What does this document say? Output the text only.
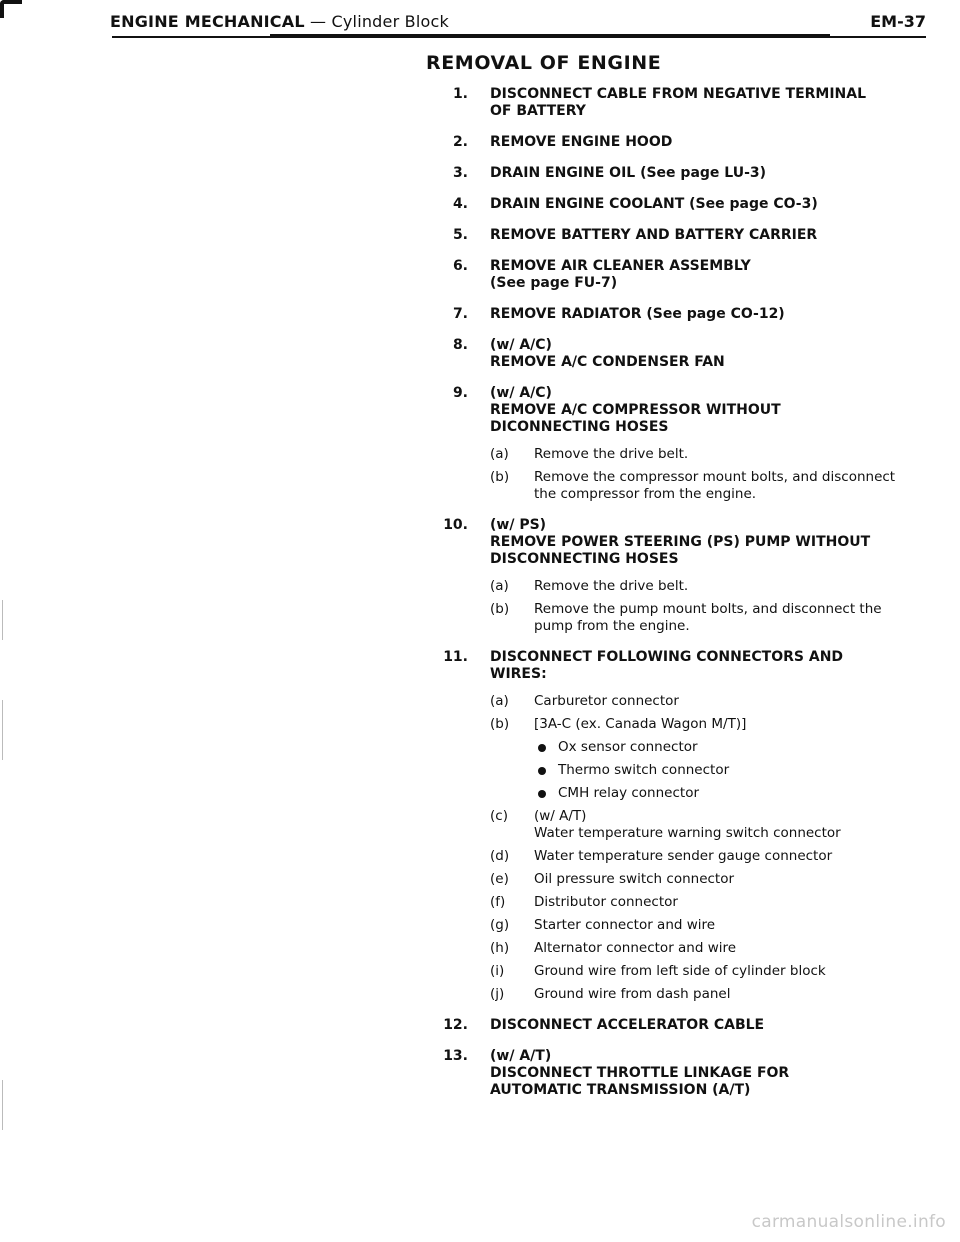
ENGINE MECHANICAL — Cylinder Block	EM-37
REMOVAL OF ENGINE
1. DISCONNECT CABLE FROM NEGATIVE TERMINAL
OF BATTERY
2. REMOVE ENGINE HOOD
3. DRAIN ENGINE OIL (See page LU-3)
4. DRAIN ENGINE COOLANT (See page CO-3)
5. REMOVE BATTERY AND BATTERY CARRIER
6. REMOVE AIR CLEANER ASSEMBLY
(See page FU-7)
7. REMOVE RADIATOR (See page CO-12)
8. (w/ A/C)
REMOVE A/C CONDENSER FAN
9. (w/ A/C)
REMOVE A/C COMPRESSOR WITHOUT
DICONNECTING HOSES
(a) Remove the drive belt.
(b) Remove the compressor mount bolts, and disconnect
the compressor from the engine.
10. (w/ PS)
REMOVE POWER STEERING (PS) PUMP WITHOUT
DISCONNECTING HOSES
(a) Remove the drive belt.
(b) Remove the pump mount bolts, and disconnect the
pump from the engine.
11. DISCONNECT FOLLOWING CONNECTORS AND
WIRES:
(a) Carburetor connector
(b) [3A-C (ex. Canada Wagon M/T)]
Ox sensor connector
Thermo switch connector
CMH relay connector
(c) (w/ A/T)
Water temperature warning switch connector
(d) Water temperature sender gauge connector
(e) Oil pressure switch connector
(f) Distributor connector
(g) Starter connector and wire
(h) Alternator connector and wire
(i) Ground wire from left side of cylinder block
(j) Ground wire from dash panel
12. DISCONNECT ACCELERATOR CABLE
13. (w/ A/T)
DISCONNECT THROTTLE LINKAGE FOR
AUTOMATIC TRANSMISSION (A/T)
carmanualsonline.info
